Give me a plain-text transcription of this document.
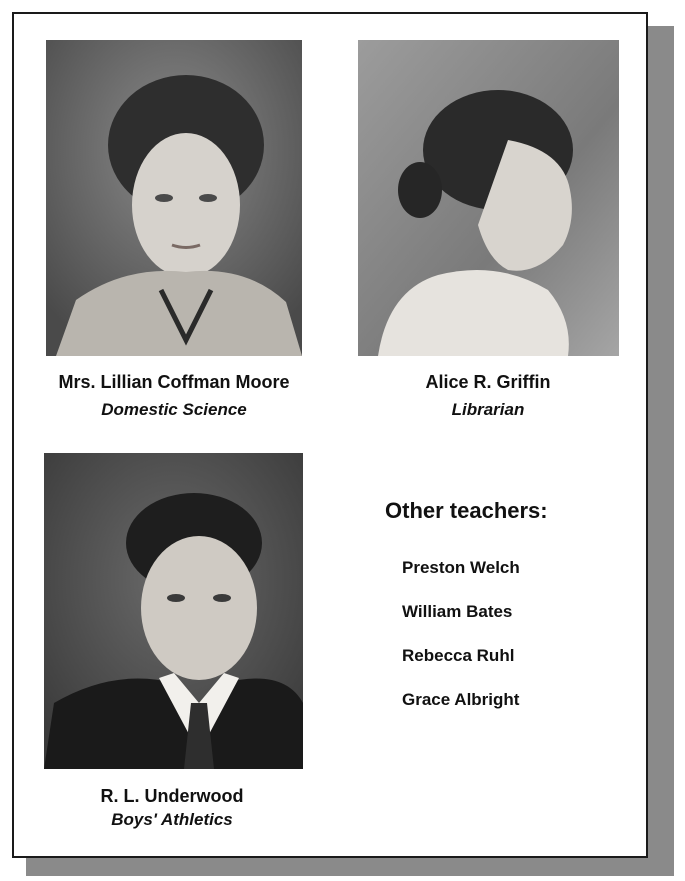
Mrs. Lillian Coffman Moore
Domestic Science
Alice R. Griffin
Librarian
R. L. Underwood
Boys' Athletics
Other teachers:
Preston Welch
William Bates
Rebecca Ruhl
Grace Albright
